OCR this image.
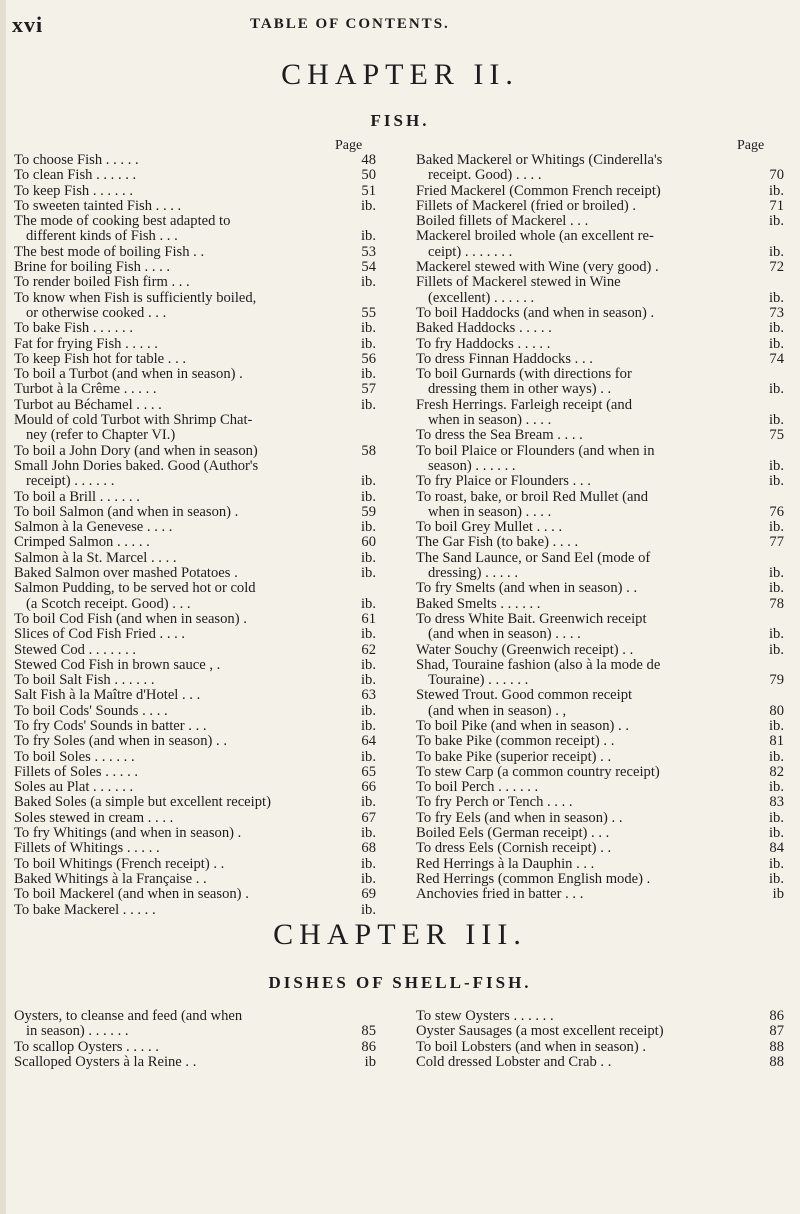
xvi	TABLE OF CONTENTS.
CHAPTER II.
FISH.
Page	Page
To choose Fish . . . . .	48
To clean Fish . . . . . .	50
To keep Fish . . . . . .	51
To sweeten tainted Fish . . . .	ib.
The mode of cooking best adapted to
different kinds of Fish . . .	ib.
The best mode of boiling Fish . .	53
Brine for boiling Fish . . . .	54
To render boiled Fish firm . . .	ib.
To know when Fish is sufficiently boiled,
or otherwise cooked . . .	55
To bake Fish . . . . . .	ib.
Fat for frying Fish . . . . .	ib.
To keep Fish hot for table . . .	56
To boil a Turbot (and when in season) .	ib.
Turbot à la Crême . . . . .	57
Turbot au Béchamel . . . .	ib.
Mould of cold Turbot with Shrimp Chat-
ney (refer to Chapter VI.)
To boil a John Dory (and when in season)	58
Small John Dories baked. Good (Author's
receipt) . . . . . .	ib.
To boil a Brill . . . . . .	ib.
To boil Salmon (and when in season) .	59
Salmon à la Genevese . . . .	ib.
Crimped Salmon . . . . .	60
Salmon à la St. Marcel . . . .	ib.
Baked Salmon over mashed Potatoes .	ib.
Salmon Pudding, to be served hot or cold
(a Scotch receipt. Good) . . .	ib.
To boil Cod Fish (and when in season) .	61
Slices of Cod Fish Fried . . . .	ib.
Stewed Cod . . . . . . .	62
Stewed Cod Fish in brown sauce , .	ib.
To boil Salt Fish . . . . . .	ib.
Salt Fish à la Maître d'Hotel . . .	63
To boil Cods' Sounds . . . .	ib.
To fry Cods' Sounds in batter . . .	ib.
To fry Soles (and when in season) . .	64
To boil Soles . . . . . .	ib.
Fillets of Soles . . . . .	65
Soles au Plat . . . . . .	66
Baked Soles (a simple but excellent receipt)	ib.
Soles stewed in cream . . . .	67
To fry Whitings (and when in season) .	ib.
Fillets of Whitings . . . . .	68
To boil Whitings (French receipt) . .	ib.
Baked Whitings à la Française . .	ib.
To boil Mackerel (and when in season) .	69
To bake Mackerel . . . . .	ib.
Baked Mackerel or Whitings (Cinderella's
receipt. Good) . . . .	70
Fried Mackerel (Common French receipt)	ib.
Fillets of Mackerel (fried or broiled) .	71
Boiled fillets of Mackerel . . .	ib.
Mackerel broiled whole (an excellent re-
ceipt) . . . . . . .	ib.
Mackerel stewed with Wine (very good) .	72
Fillets of Mackerel stewed in Wine
(excellent) . . . . . .	ib.
To boil Haddocks (and when in season) .	73
Baked Haddocks . . . . .	ib.
To fry Haddocks . . . . .	ib.
To dress Finnan Haddocks . . .	74
To boil Gurnards (with directions for
dressing them in other ways) . .	ib.
Fresh Herrings. Farleigh receipt (and
when in season) . . . .	ib.
To dress the Sea Bream . . . .	75
To boil Plaice or Flounders (and when in
season) . . . . . .	ib.
To fry Plaice or Flounders . . .	ib.
To roast, bake, or broil Red Mullet (and
when in season) . . . .	76
To boil Grey Mullet . . . .	ib.
The Gar Fish (to bake) . . . .	77
The Sand Launce, or Sand Eel (mode of
dressing) . . . . .	ib.
To fry Smelts (and when in season) . .	ib.
Baked Smelts . . . . . .	78
To dress White Bait. Greenwich receipt
(and when in season) . . . .	ib.
Water Souchy (Greenwich receipt) . .	ib.
Shad, Touraine fashion (also à la mode de
Touraine) . . . . . .	79
Stewed Trout. Good common receipt
(and when in season) . ,	80
To boil Pike (and when in season) . .	ib.
To bake Pike (common receipt) . .	81
To bake Pike (superior receipt) . .	ib.
To stew Carp (a common country receipt)	82
To boil Perch . . . . . .	ib.
To fry Perch or Tench . . . .	83
To fry Eels (and when in season) . .	ib.
Boiled Eels (German receipt) . . .	ib.
To dress Eels (Cornish receipt) . .	84
Red Herrings à la Dauphin . . .	ib.
Red Herrings (common English mode) .	ib.
Anchovies fried in batter . . .	ib
CHAPTER III.
DISHES OF SHELL-FISH.
Oysters, to cleanse and feed (and when
in season) . . . . . .	85
To scallop Oysters . . . . .	86
Scalloped Oysters à la Reine . .	ib
To stew Oysters . . . . . .	86
Oyster Sausages (a most excellent receipt)	87
To boil Lobsters (and when in season) .	88
Cold dressed Lobster and Crab . .	88
